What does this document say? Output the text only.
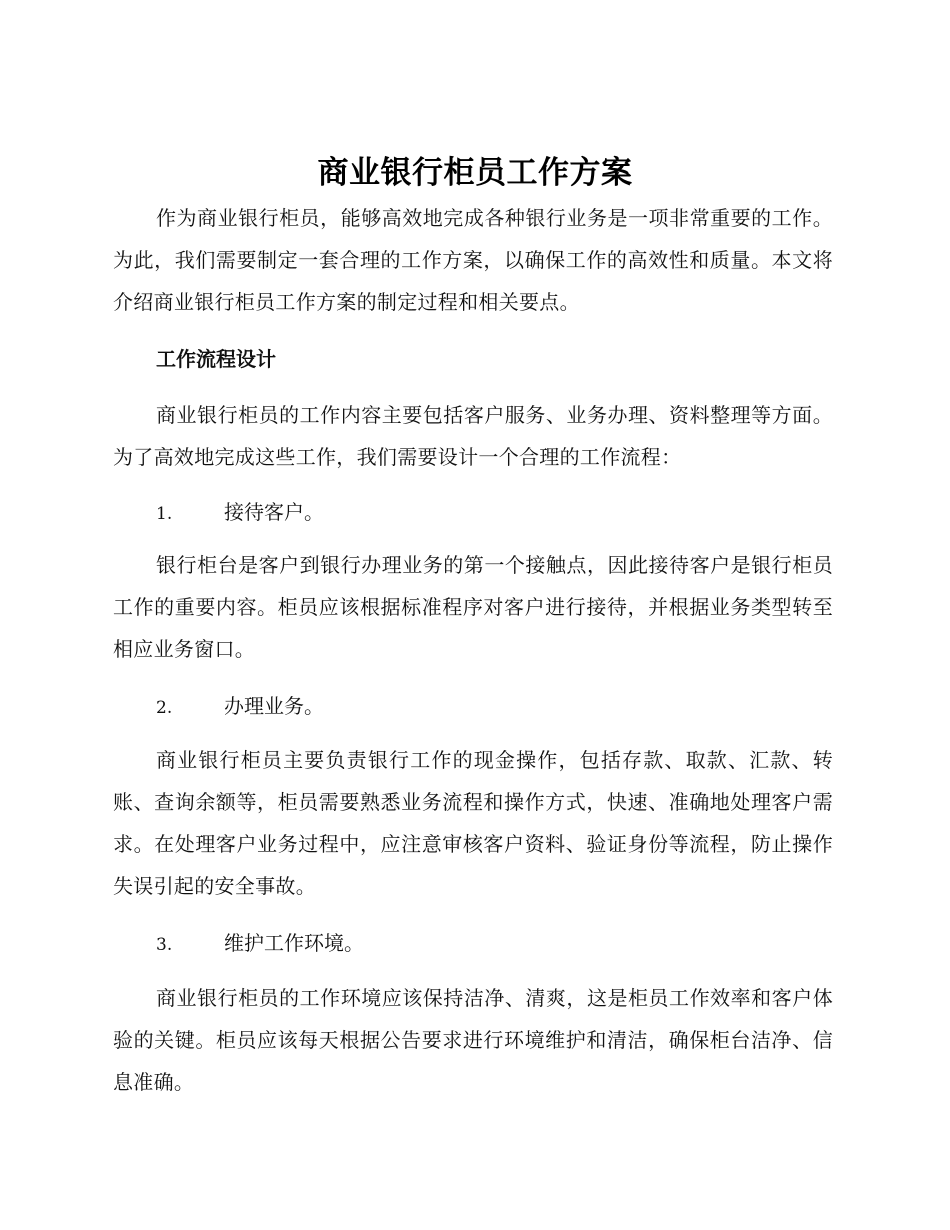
商业银行柜员工作方案

作为商业银行柜员，能够高效地完成各种银行业务是一项非常重要的工作。为此，我们需要制定一套合理的工作方案，以确保工作的高效性和质量。本文将介绍商业银行柜员工作方案的制定过程和相关要点。

工作流程设计

商业银行柜员的工作内容主要包括客户服务、业务办理、资料整理等方面。为了高效地完成这些工作，我们需要设计一个合理的工作流程：

1.	接待客户。

银行柜台是客户到银行办理业务的第一个接触点，因此接待客户是银行柜员工作的重要内容。柜员应该根据标准程序对客户进行接待，并根据业务类型转至相应业务窗口。

2.	办理业务。

商业银行柜员主要负责银行工作的现金操作，包括存款、取款、汇款、转账、查询余额等，柜员需要熟悉业务流程和操作方式，快速、准确地处理客户需求。在处理客户业务过程中，应注意审核客户资料、验证身份等流程，防止操作失误引起的安全事故。

3.	维护工作环境。

商业银行柜员的工作环境应该保持洁净、清爽，这是柜员工作效率和客户体验的关键。柜员应该每天根据公告要求进行环境维护和清洁，确保柜台洁净、信息准确。
